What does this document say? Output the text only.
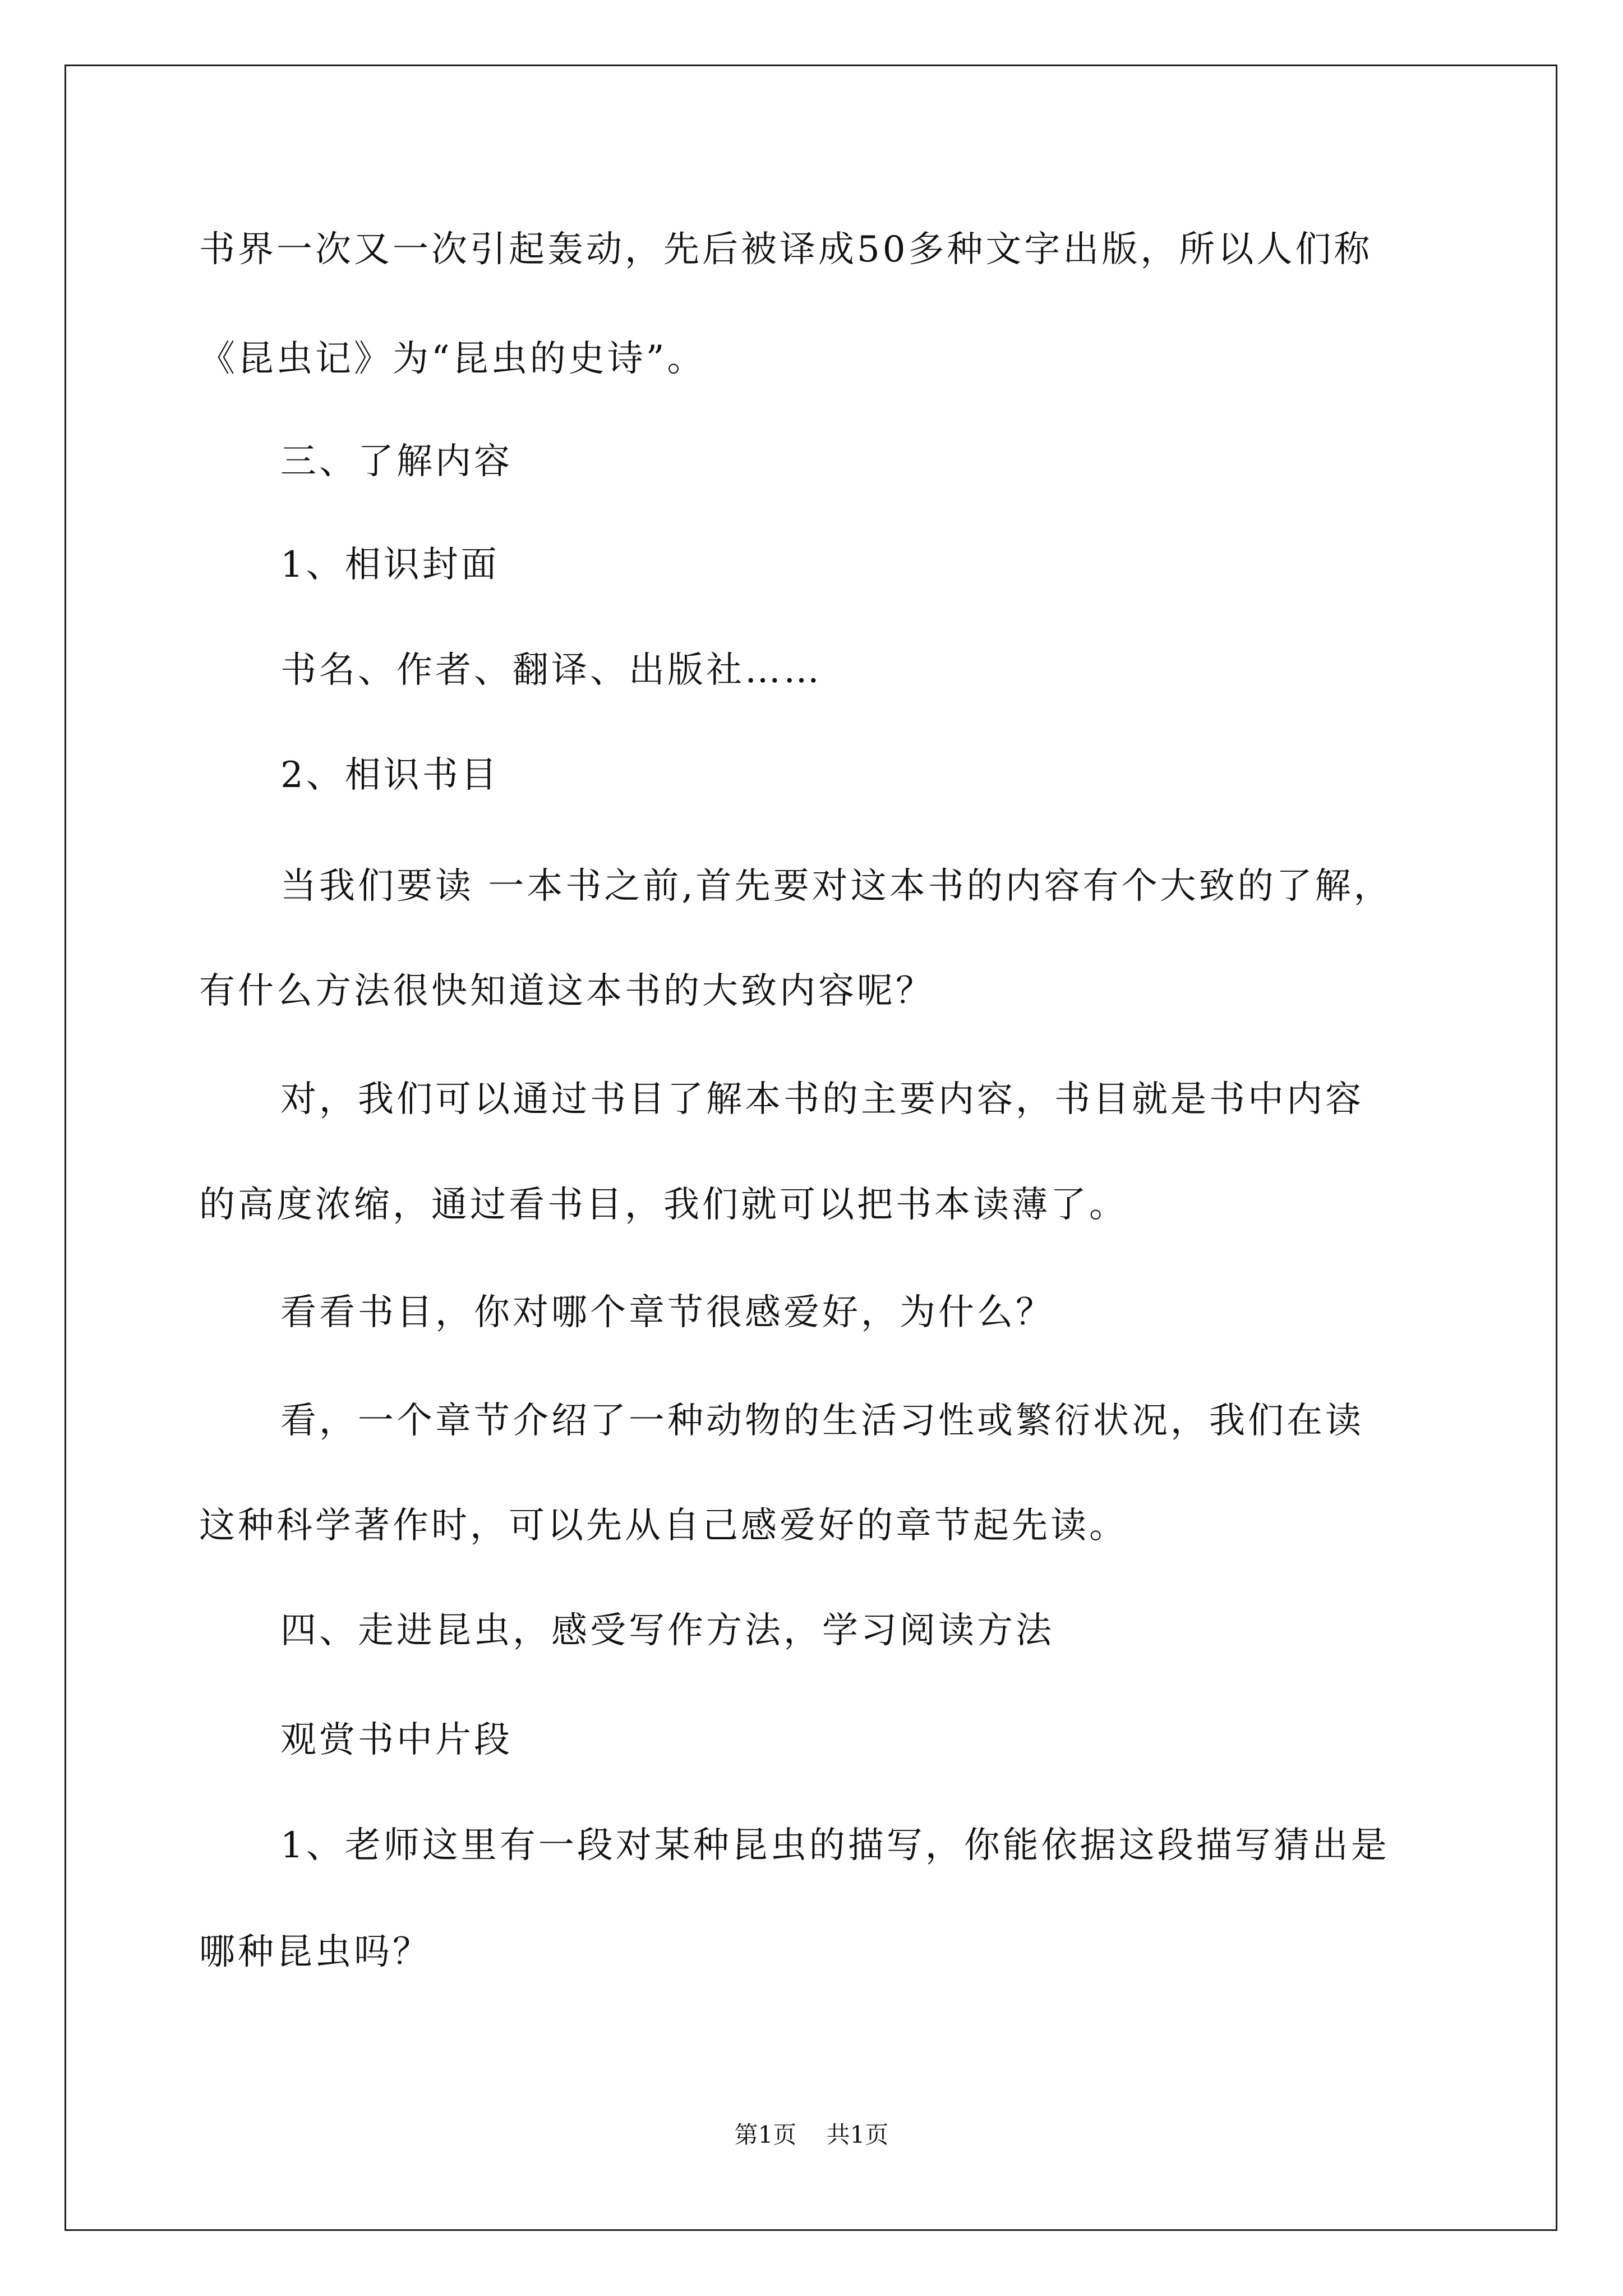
书界一次又一次引起轰动，先后被译成50多种文字出版，所以人们称
《昆虫记》为“昆虫的史诗”。
三、了解内容
1、相识封面
书名、作者、翻译、出版社……
2、相识书目
当我们要读 一本书之前,首先要对这本书的内容有个大致的了解，
有什么方法很快知道这本书的大致内容呢？
对，我们可以通过书目了解本书的主要内容，书目就是书中内容
的高度浓缩，通过看书目，我们就可以把书本读薄了。
看看书目，你对哪个章节很感爱好，为什么？
看，一个章节介绍了一种动物的生活习性或繁衍状况，我们在读
这种科学著作时，可以先从自己感爱好的章节起先读。
四、走进昆虫，感受写作方法，学习阅读方法
观赏书中片段
1、老师这里有一段对某种昆虫的描写，你能依据这段描写猜出是
哪种昆虫吗？
第1页 共1页
